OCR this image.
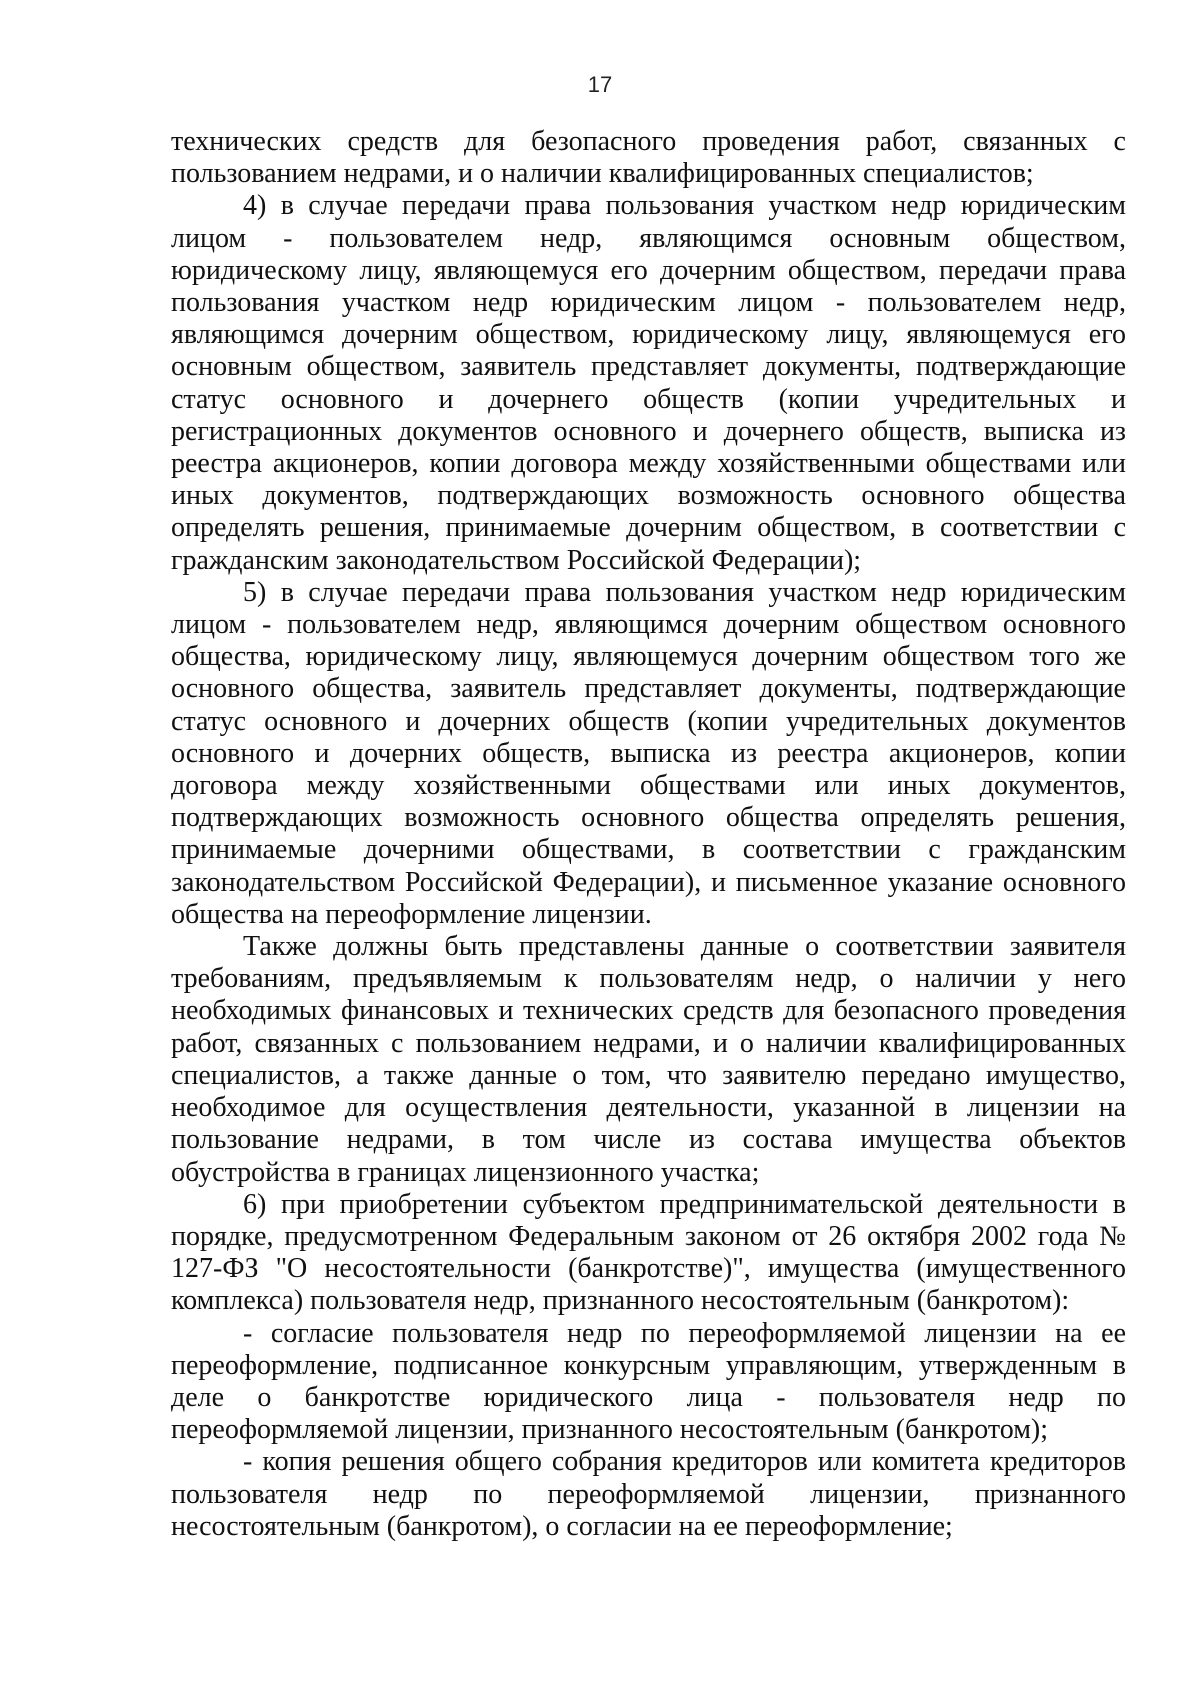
17

технических средств для безопасного проведения работ, связанных с пользованием недрами, и о наличии квалифицированных специалистов;

4) в случае передачи права пользования участком недр юридическим лицом - пользователем недр, являющимся основным обществом, юридическому лицу, являющемуся его дочерним обществом, передачи права пользования участком недр юридическим лицом - пользователем недр, являющимся дочерним обществом, юридическому лицу, являющемуся его основным обществом, заявитель представляет документы, подтверждающие статус основного и дочернего обществ (копии учредительных и регистрационных документов основного и дочернего обществ, выписка из реестра акционеров, копии договора между хозяйственными обществами или иных документов, подтверждающих возможность основного общества определять решения, принимаемые дочерним обществом, в соответствии с гражданским законодательством Российской Федерации);

5) в случае передачи права пользования участком недр юридическим лицом - пользователем недр, являющимся дочерним обществом основного общества, юридическому лицу, являющемуся дочерним обществом того же основного общества, заявитель представляет документы, подтверждающие статус основного и дочерних обществ (копии учредительных документов основного и дочерних обществ, выписка из реестра акционеров, копии договора между хозяйственными обществами или иных документов, подтверждающих возможность основного общества определять решения, принимаемые дочерними обществами, в соответствии с гражданским законодательством Российской Федерации), и письменное указание основного общества на переоформление лицензии.

Также должны быть представлены данные о соответствии заявителя требованиям, предъявляемым к пользователям недр, о наличии у него необходимых финансовых и технических средств для безопасного проведения работ, связанных с пользованием недрами, и о наличии квалифицированных специалистов, а также данные о том, что заявителю передано имущество, необходимое для осуществления деятельности, указанной в лицензии на пользование недрами, в том числе из состава имущества объектов обустройства в границах лицензионного участка;

6) при приобретении субъектом предпринимательской деятельности в порядке, предусмотренном Федеральным законом от 26 октября 2002 года № 127-ФЗ "О несостоятельности (банкротстве)", имущества (имущественного комплекса) пользователя недр, признанного несостоятельным (банкротом):

- согласие пользователя недр по переоформляемой лицензии на ее переоформление, подписанное конкурсным управляющим, утвержденным в деле о банкротстве юридического лица - пользователя недр по переоформляемой лицензии, признанного несостоятельным (банкротом);

- копия решения общего собрания кредиторов или комитета кредиторов пользователя недр по переоформляемой лицензии, признанного несостоятельным (банкротом), о согласии на ее переоформление;
